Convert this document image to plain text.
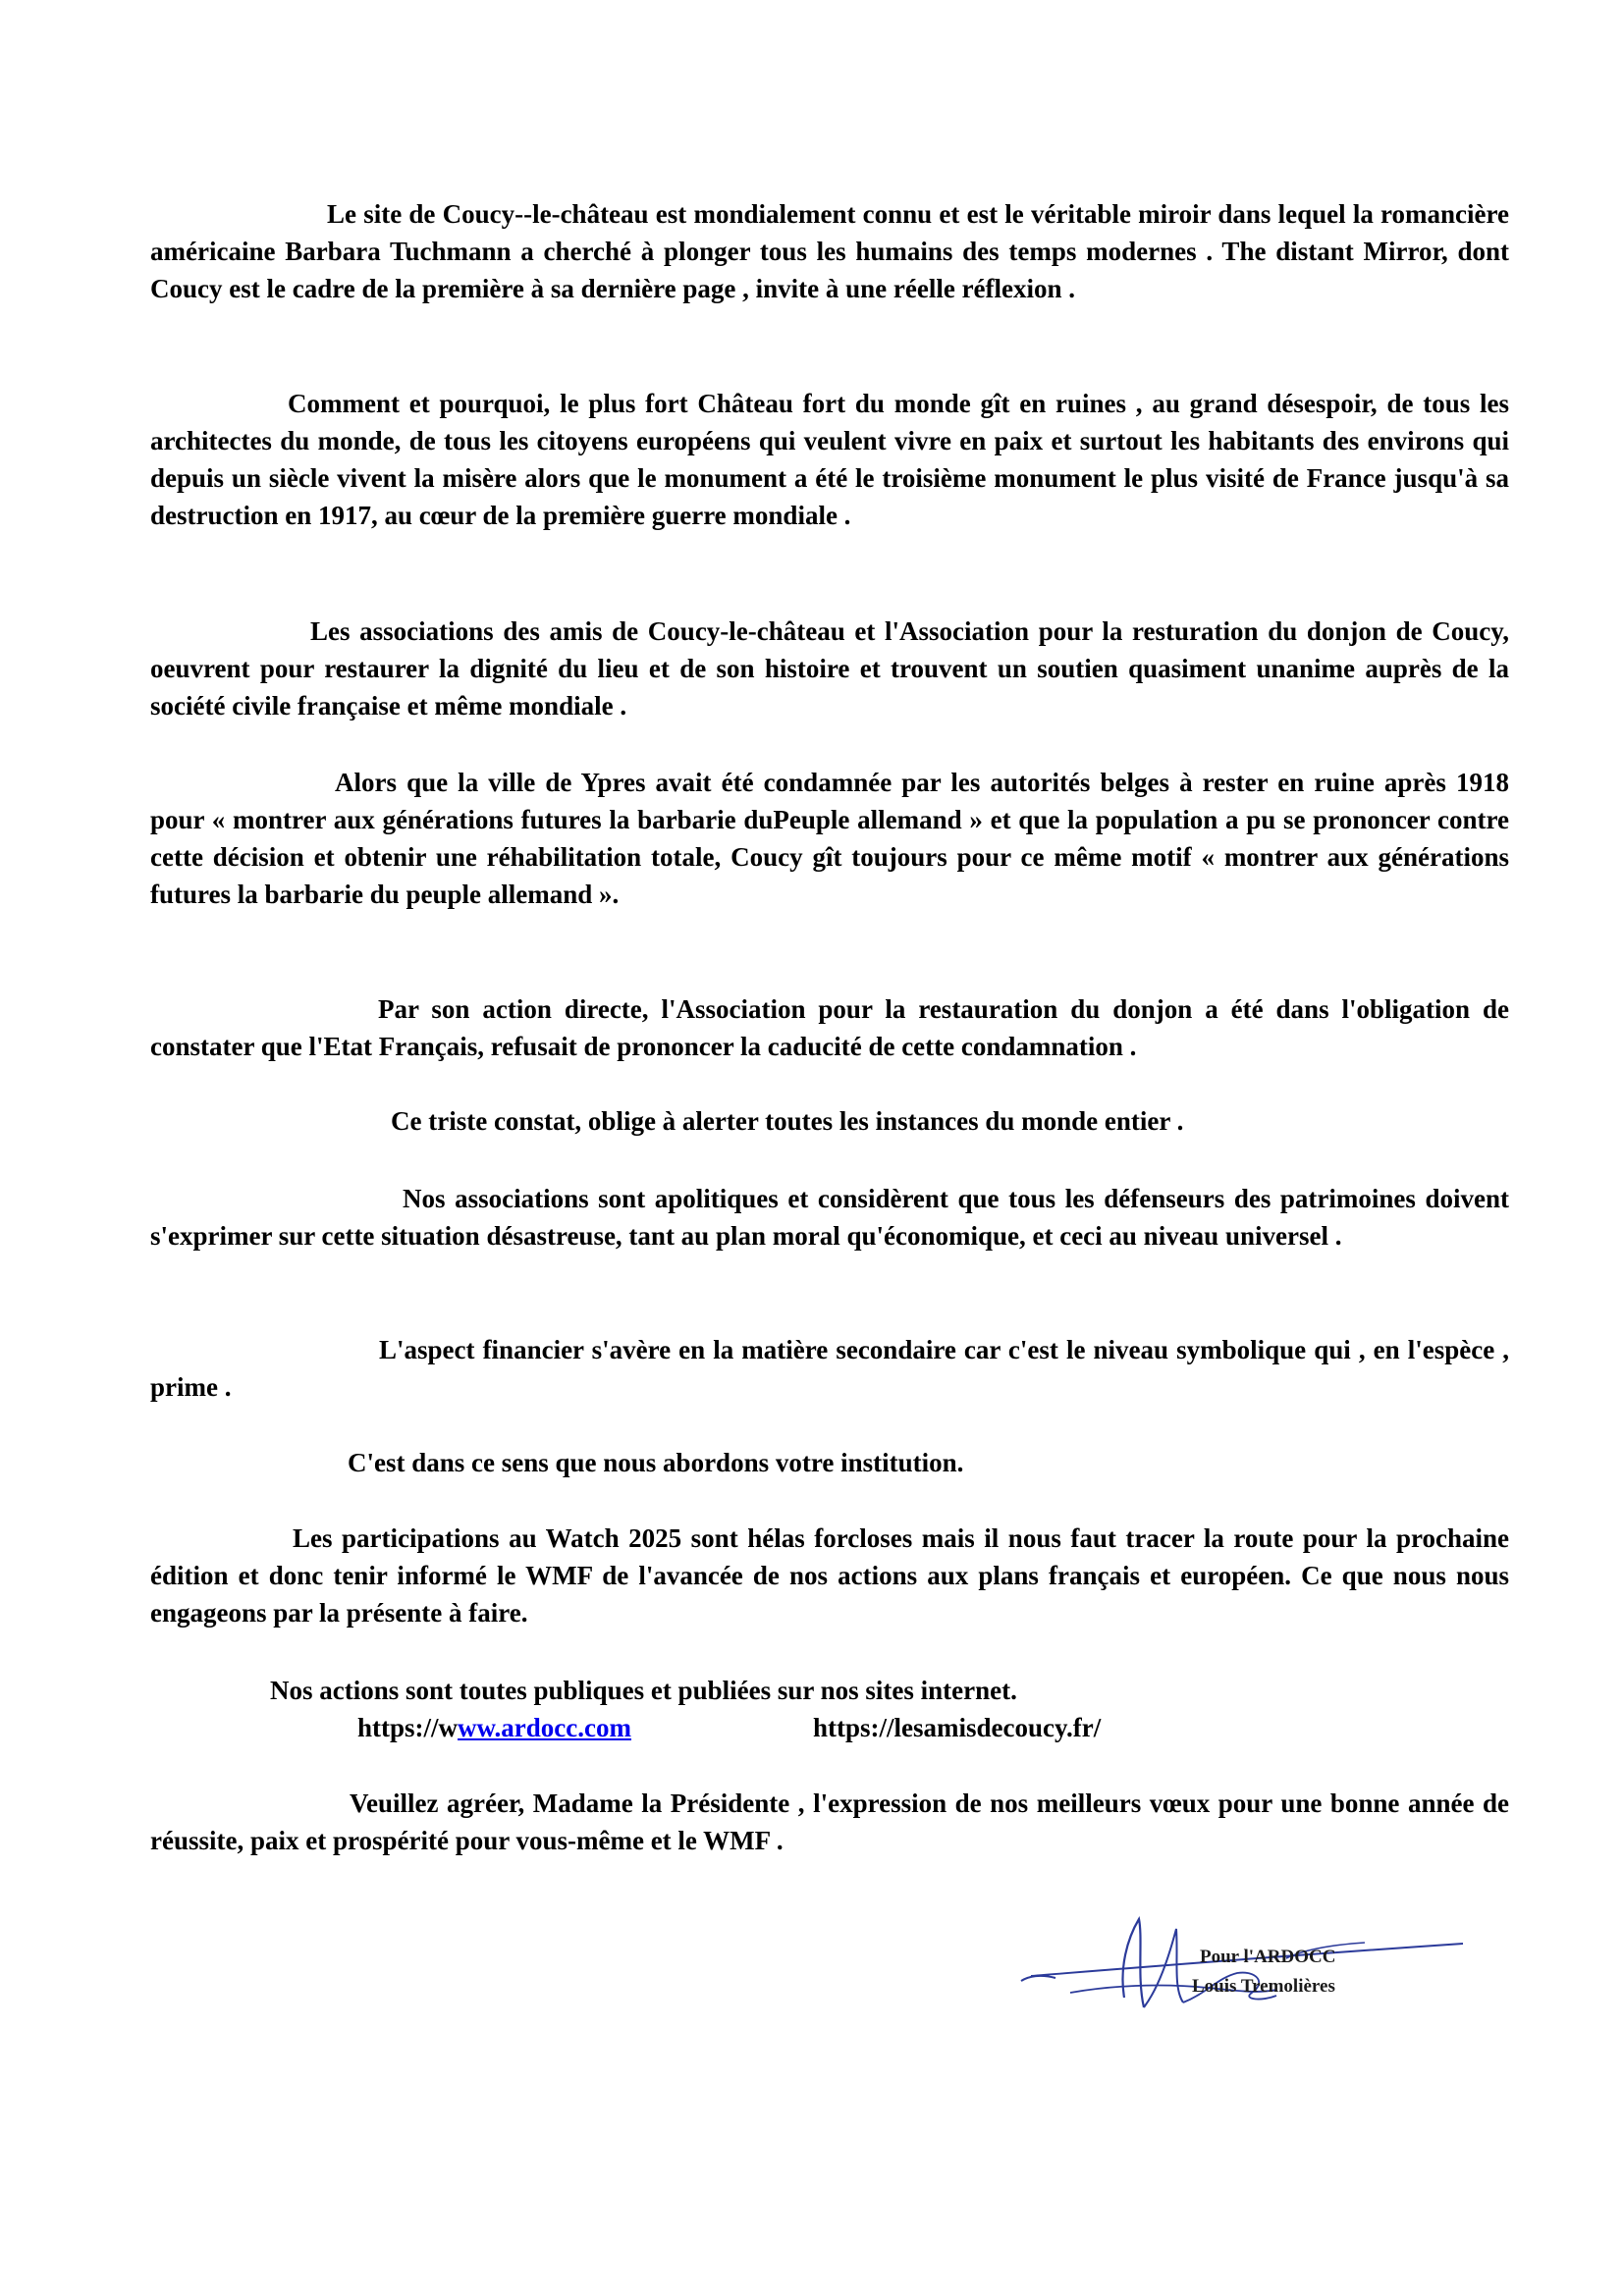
Le site de Coucy--le-château est mondialement connu et est le véritable miroir dans lequel la romancière américaine Barbara Tuchmann a cherché à plonger tous les humains des temps modernes . The distant Mirror, dont Coucy est le cadre de la première à sa dernière page , invite à une réelle réflexion .

Comment et pourquoi, le plus fort Château fort du monde gît en ruines , au grand désespoir, de tous les architectes du monde, de tous les citoyens européens qui veulent vivre en paix et surtout les habitants des environs qui depuis un siècle vivent la misère alors que le monument a été le troisième monument le plus visité de France jusqu'à sa destruction en 1917, au cœur de la première guerre mondiale .

Les associations des amis de Coucy-le-château et l'Association pour la resturation du donjon de Coucy, oeuvrent pour restaurer la dignité du lieu et de son histoire et trouvent un soutien quasiment unanime auprès de la société civile française et même mondiale .

Alors que la ville de Ypres avait été condamnée par les autorités belges à rester en ruine après 1918 pour « montrer aux générations futures la barbarie duPeuple allemand » et que la population a pu se prononcer contre cette décision et obtenir une réhabilitation totale, Coucy gît toujours pour ce même motif « montrer aux générations futures la barbarie du peuple allemand ».

Par son action directe, l'Association pour la restauration du donjon a été dans l'obligation de constater que l'Etat Français, refusait de prononcer la caducité de cette condamnation .

Ce triste constat, oblige à alerter toutes les instances du monde entier .

Nos associations sont apolitiques et considèrent que tous les défenseurs des patrimoines doivent s'exprimer sur cette situation désastreuse, tant au plan moral qu'économique, et ceci au niveau universel .

L'aspect financier s'avère en la matière secondaire car c'est le niveau symbolique qui , en l'espèce , prime .

C'est dans ce sens que nous abordons votre institution.

Les participations au Watch 2025 sont hélas forcloses mais il nous faut tracer la route pour la prochaine édition et donc tenir informé le WMF de l'avancée de nos actions aux plans français et européen. Ce que nous nous engageons par la présente à faire.

Nos actions sont toutes publiques et publiées sur nos sites internet.

https://www.ardocc.com	https://lesamisdecoucy.fr/

Veuillez agréer, Madame la Présidente , l'expression de nos meilleurs vœux pour une bonne année de réussite, paix et prospérité pour vous-même et le WMF .

Pour l'ARDOCC
Louis Tremolières
